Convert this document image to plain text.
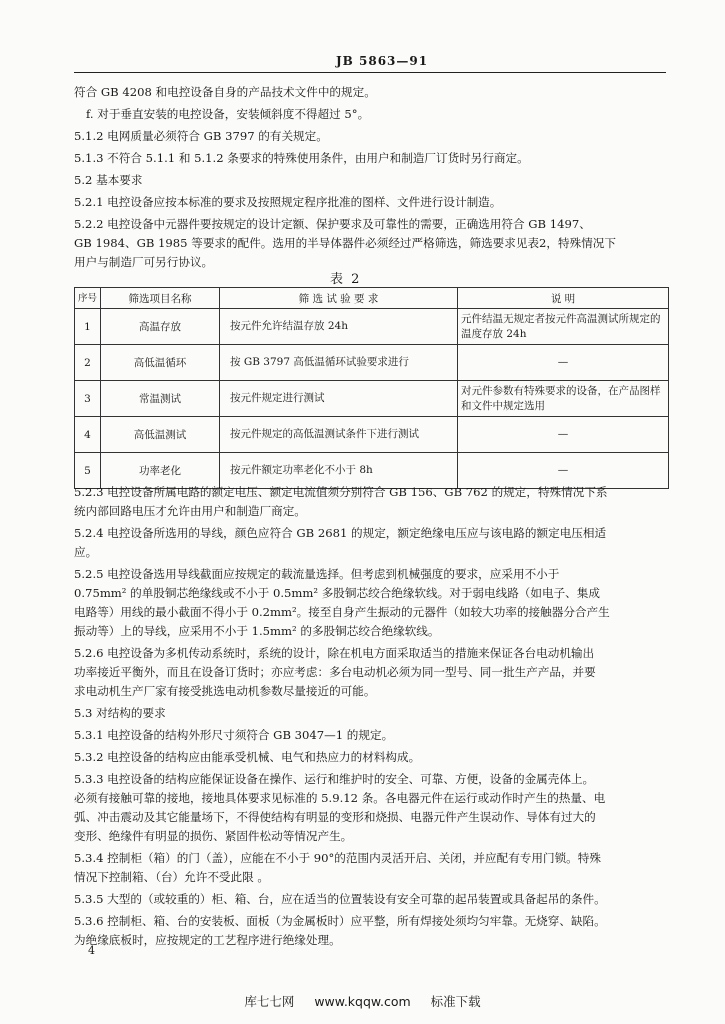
JB 5863—91
符合 GB 4208 和电控设备自身的产品技术文件中的规定。
f. 对于垂直安装的电控设备，安装倾斜度不得超过 5°。
5.1.2 电网质量必须符合 GB 3797 的有关规定。
5.1.3 不符合 5.1.1 和 5.1.2 条要求的特殊使用条件，由用户和制造厂订货时另行商定。
5.2 基本要求
5.2.1 电控设备应按本标准的要求及按照规定程序批准的图样、文件进行设计制造。
5.2.2 电控设备中元器件要按规定的设计定额、保护要求及可靠性的需要，正确选用符合 GB 1497、
GB 1984、GB 1985 等要求的配件。选用的半导体器件必须经过严格筛选，筛选要求见表2，特殊情况下
用户与制造厂可另行协议。
表 2
序号	筛选项目名称	筛 选 试 验 要 求	说 明
1	高温存放	按元件允许结温存放 24h	元件结温无规定者按元件高温测试所规定的温度存放 24h
2	高低温循环	按 GB 3797 高低温循环试验要求进行	—
3	常温测试	按元件规定进行测试	对元件参数有特殊要求的设备，在产品图样和文件中规定选用
4	高低温测试	按元件规定的高低温测试条件下进行测试	—
5	功率老化	按元件额定功率老化不小于 8h	—
5.2.3 电控设备所属电路的额定电压、额定电流值须分别符合 GB 156、GB 762 的规定，特殊情况下系
统内部回路电压才允许由用户和制造厂商定。
5.2.4 电控设备所选用的导线，颜色应符合 GB 2681 的规定，额定绝缘电压应与该电路的额定电压相适
应。
5.2.5 电控设备选用导线截面应按规定的载流量选择。但考虑到机械强度的要求，应采用不小于
0.75mm² 的单股铜芯绝缘线或不小于 0.5mm² 多股铜芯绞合绝缘软线。对于弱电线路（如电子、集成
电路等）用线的最小截面不得小于 0.2mm²。接至自身产生振动的元器件（如较大功率的接触器分合产生
振动等）上的导线，应采用不小于 1.5mm² 的多股铜芯绞合绝缘软线。
5.2.6 电控设备为多机传动系统时，系统的设计，除在机电方面采取适当的措施来保证各台电动机输出
功率接近平衡外，而且在设备订货时；亦应考虑：多台电动机必须为同一型号、同一批生产产品，并要
求电动机生产厂家有接受挑选电动机参数尽量接近的可能。
5.3 对结构的要求
5.3.1 电控设备的结构外形尺寸须符合 GB 3047—1 的规定。
5.3.2 电控设备的结构应由能承受机械、电气和热应力的材料构成。
5.3.3 电控设备的结构应能保证设备在操作、运行和维护时的安全、可靠、方便，设备的金属壳体上。
必须有接触可靠的接地，接地具体要求见标准的 5.9.12 条。各电器元件在运行或动作时产生的热量、电
弧、冲击震动及其它能量场下，不得使结构有明显的变形和烧损、电器元件产生误动作、导体有过大的
变形、绝缘件有明显的损伤、紧固件松动等情况产生。
5.3.4 控制柜（箱）的门（盖），应能在不小于 90°的范围内灵活开启、关闭，并应配有专用门锁。特殊
情况下控制箱、（台）允许不受此限 。
5.3.5 大型的（或较重的）柜、箱、台，应在适当的位置装设有安全可靠的起吊装置或具备起吊的条件。
5.3.6 控制柜、箱、台的安装板、面板（为金属板时）应平整，所有焊接处须均匀牢靠。无烧穿、缺陷。
为绝缘底板时，应按规定的工艺程序进行绝缘处理。
4
库七七网 www.kqqw.com 标准下载
